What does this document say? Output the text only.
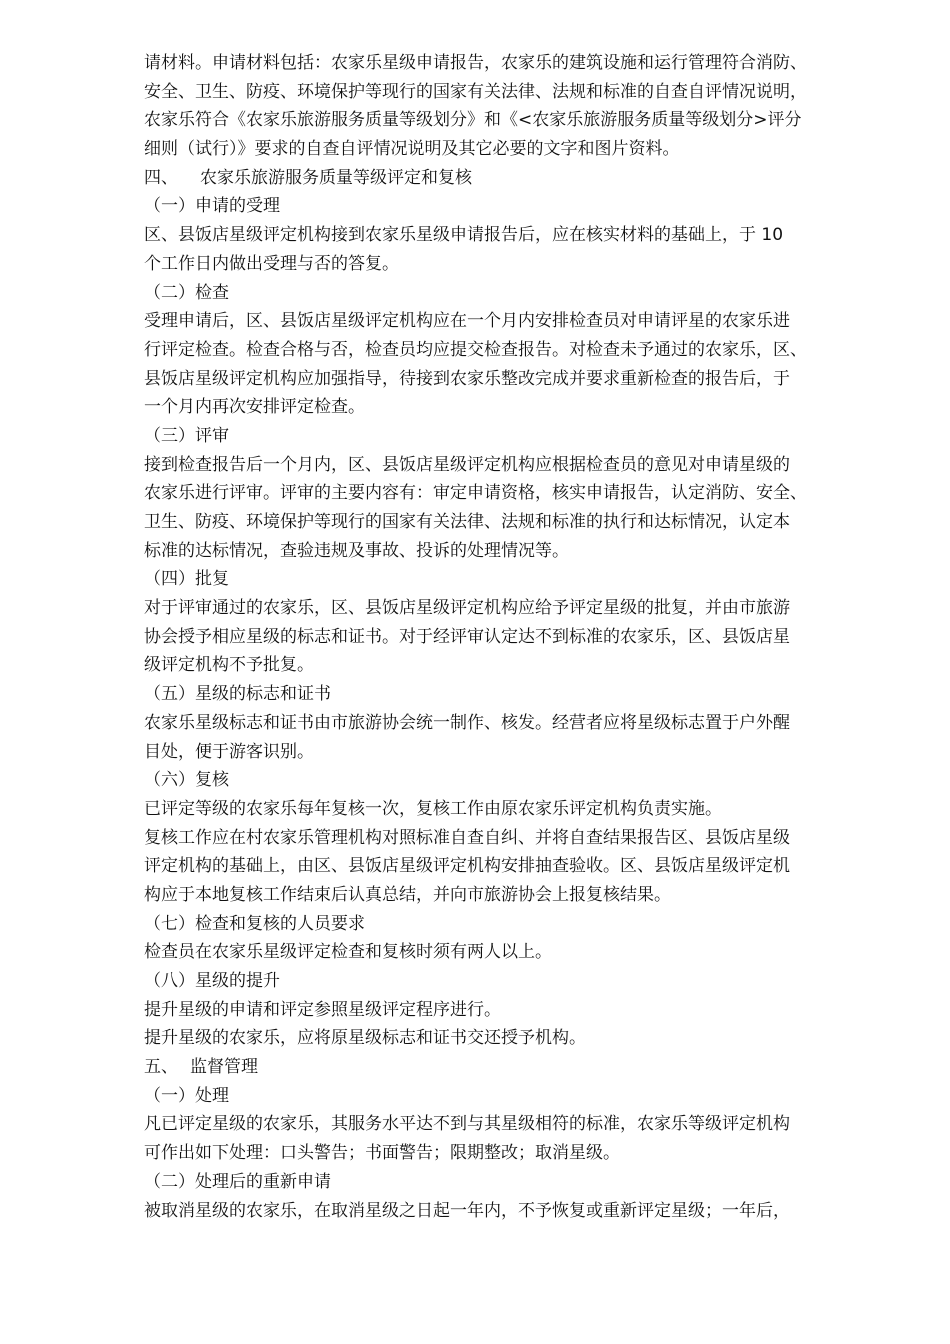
请材料。申请材料包括：农家乐星级申请报告，农家乐的建筑设施和运行管理符合消防、
安全、卫生、防疫、环境保护等现行的国家有关法律、法规和标准的自查自评情况说明，
农家乐符合《农家乐旅游服务质量等级划分》和《<农家乐旅游服务质量等级划分>评分
细则（试行）》要求的自查自评情况说明及其它必要的文字和图片资料。
四、 农家乐旅游服务质量等级评定和复核
（一）申请的受理
区、县饭店星级评定机构接到农家乐星级申请报告后，应在核实材料的基础上，于 10
个工作日内做出受理与否的答复。
（二）检查
受理申请后，区、县饭店星级评定机构应在一个月内安排检查员对申请评星的农家乐进
行评定检查。检查合格与否，检查员均应提交检查报告。对检查未予通过的农家乐，区、
县饭店星级评定机构应加强指导，待接到农家乐整改完成并要求重新检查的报告后，于
一个月内再次安排评定检查。
（三）评审
接到检查报告后一个月内，区、县饭店星级评定机构应根据检查员的意见对申请星级的
农家乐进行评审。评审的主要内容有：审定申请资格，核实申请报告，认定消防、安全、
卫生、防疫、环境保护等现行的国家有关法律、法规和标准的执行和达标情况，认定本
标准的达标情况，查验违规及事故、投诉的处理情况等。
（四）批复
对于评审通过的农家乐，区、县饭店星级评定机构应给予评定星级的批复，并由市旅游
协会授予相应星级的标志和证书。对于经评审认定达不到标准的农家乐，区、县饭店星
级评定机构不予批复。
（五）星级的标志和证书
农家乐星级标志和证书由市旅游协会统一制作、核发。经营者应将星级标志置于户外醒
目处，便于游客识别。
（六）复核
已评定等级的农家乐每年复核一次，复核工作由原农家乐评定机构负责实施。
复核工作应在村农家乐管理机构对照标准自查自纠、并将自查结果报告区、县饭店星级
评定机构的基础上，由区、县饭店星级评定机构安排抽查验收。区、县饭店星级评定机
构应于本地复核工作结束后认真总结，并向市旅游协会上报复核结果。
（七）检查和复核的人员要求
检查员在农家乐星级评定检查和复核时须有两人以上。
（八）星级的提升
提升星级的申请和评定参照星级评定程序进行。
提升星级的农家乐，应将原星级标志和证书交还授予机构。
五、 监督管理
（一）处理
凡已评定星级的农家乐，其服务水平达不到与其星级相符的标准，农家乐等级评定机构
可作出如下处理：口头警告；书面警告；限期整改；取消星级。
（二）处理后的重新申请
被取消星级的农家乐，在取消星级之日起一年内，不予恢复或重新评定星级；一年后，
